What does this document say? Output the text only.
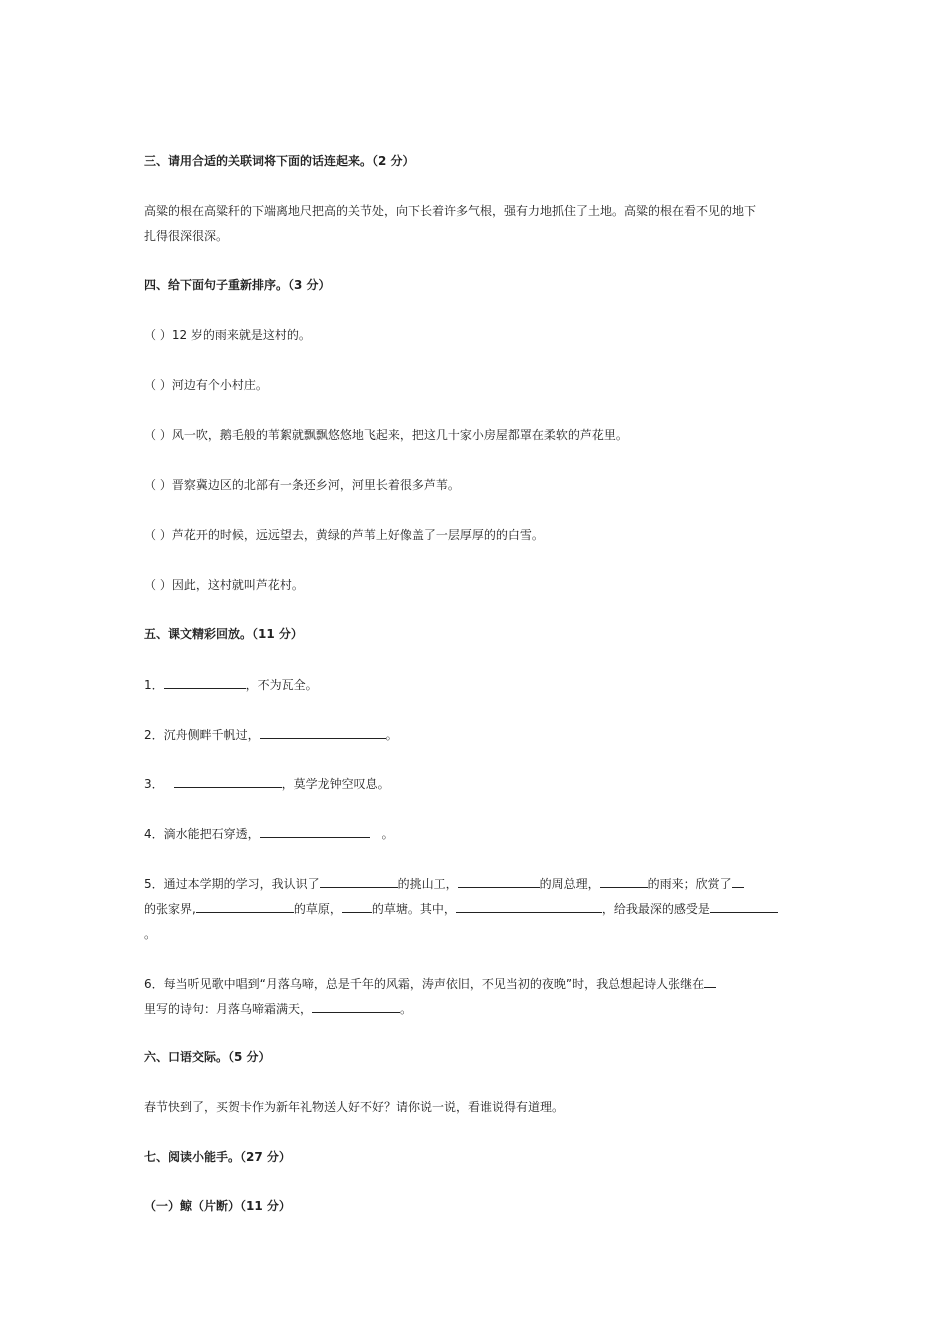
三、请用合适的关联词将下面的话连起来。（2 分）
高粱的根在高粱秆的下端离地尺把高的关节处，向下长着许多气根，强有力地抓住了土地。高粱的根在看不见的地下
扎得很深很深。
四、给下面句子重新排序。（3 分）
（ ）12 岁的雨来就是这村的。
（ ）河边有个小村庄。
（ ）风一吹，鹅毛般的苇絮就飘飘悠悠地飞起来，把这几十家小房屋都罩在柔软的芦花里。
（ ）晋察冀边区的北部有一条还乡河，河里长着很多芦苇。
（ ）芦花开的时候，远远望去，黄绿的芦苇上好像盖了一层厚厚的的白雪。
（ ）因此，这村就叫芦花村。
五、课文精彩回放。（11 分）
1．	，不为瓦全。
2．沉舟侧畔千帆过，	。
3．	，莫学龙钟空叹息。
4．滴水能把石穿透，	。
5．通过本学期的学习，我认识了	的挑山工，	的周总理，	的雨来；欣赏了
的张家界,	的草原，	的草塘。其中，	，给我最深的感受是
。
6．每当听见歌中唱到“月落乌啼，总是千年的风霜，涛声依旧，不见当初的夜晚”时，我总想起诗人张继在
里写的诗句：月落乌啼霜满天，	。
六、口语交际。（5 分）
春节快到了，买贺卡作为新年礼物送人好不好？请你说一说，看谁说得有道理。
七、阅读小能手。（27 分）
（一）鲸（片断）（11 分）
